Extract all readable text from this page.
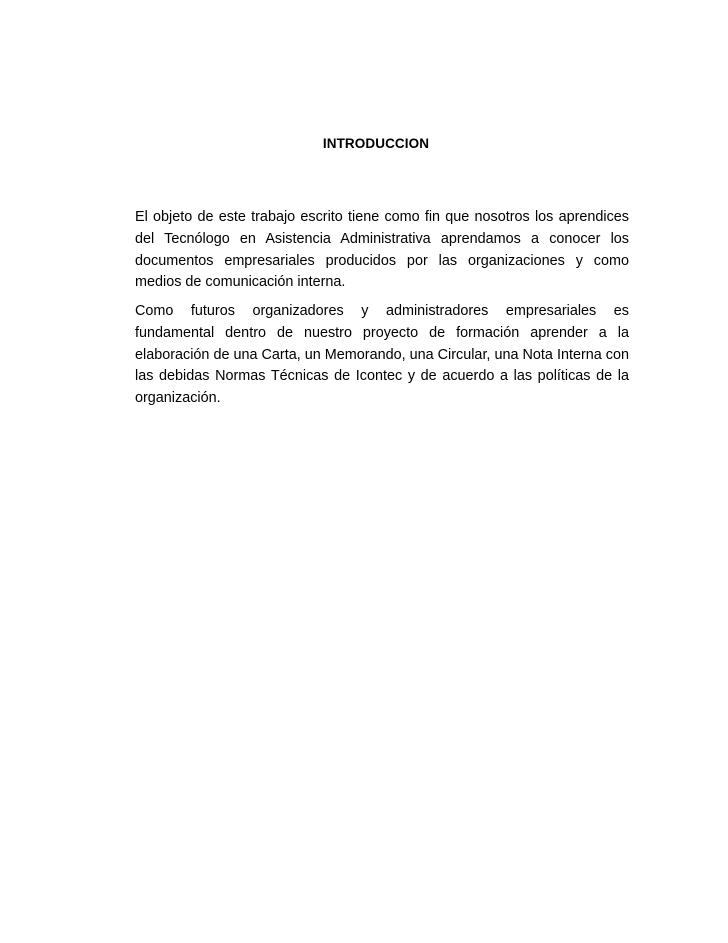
INTRODUCCION

El objeto de este trabajo escrito tiene como fin que nosotros los aprendices del Tecnólogo en Asistencia Administrativa aprendamos a conocer los documentos empresariales producidos por las organizaciones y como medios de comunicación interna.

Como futuros organizadores y administradores empresariales es fundamental dentro de nuestro proyecto de formación aprender a la elaboración de una Carta, un Memorando, una Circular, una Nota Interna con las debidas Normas Técnicas de Icontec y de acuerdo a las políticas de la organización.
